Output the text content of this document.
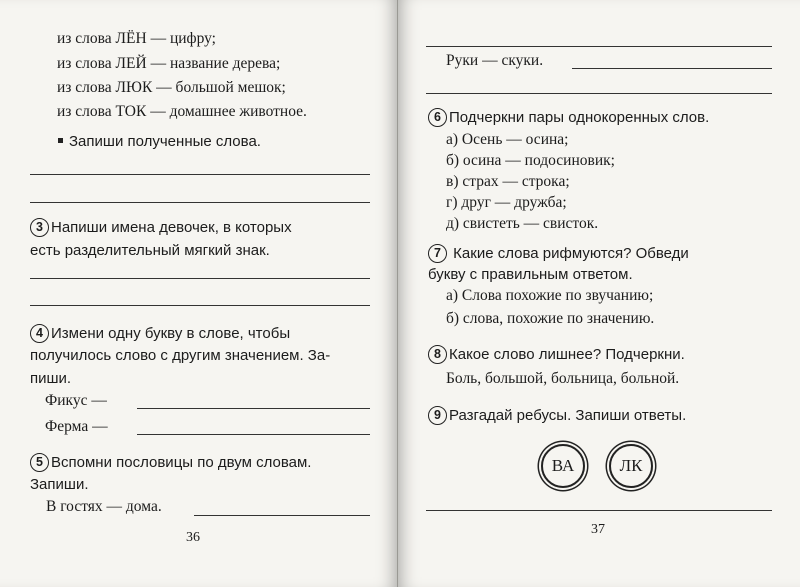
из слова ЛЁН — цифру;
из слова ЛЕЙ — название дерева;
из слова ЛЮК — большой мешок;
из слова ТОК — домашнее животное.
Запиши полученные слова.
3 Напиши имена девочек, в которых
есть разделительный мягкий знак.
4 Измени одну букву в слове, чтобы
получилось слово с другим значением. За-
пиши.
Фикус —
Ферма —
5 Вспомни пословицы по двум словам.
Запиши.
В гостях — дома.
36
Руки — скуки.
6 Подчеркни пары однокоренных слов.
а) Осень — осина;
б) осина — подосиновик;
в) страх — строка;
г) друг — дружба;
д) свистеть — свисток.
7 Какие слова рифмуются? Обведи
букву с правильным ответом.
а) Слова похожие по звучанию;
б) слова, похожие по значению.
8 Какое слово лишнее? Подчеркни.
Боль, большой, больница, больной.
9 Разгадай ребусы. Запиши ответы.
ВА	ЛК
37
